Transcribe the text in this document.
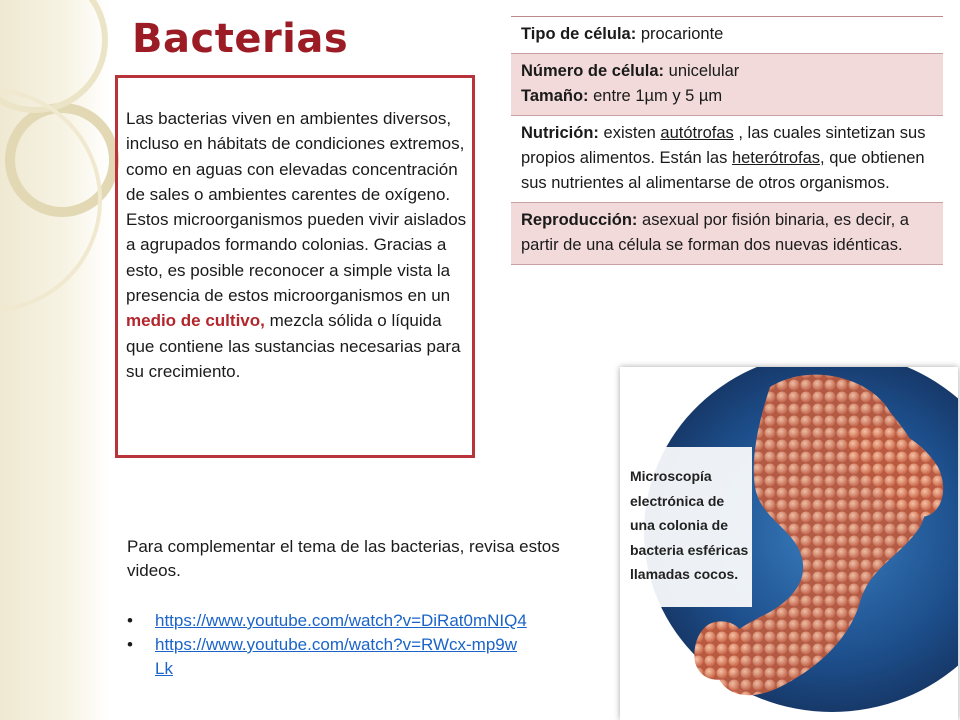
Bacterias
Las bacterias viven en ambientes diversos, incluso en hábitats de condiciones extremos, como en aguas con elevadas concentración de sales o ambientes carentes de oxígeno.
Estos microorganismos pueden vivir aislados a agrupados formando colonias. Gracias a esto, es posible reconocer a simple vista la presencia de estos microorganismos en un medio de cultivo, mezcla sólida o líquida que contiene las sustancias necesarias para su crecimiento.
Tipo de célula: procarionte
Número de célula: unicelular
Tamaño: entre 1µm y 5 µm
Nutrición: existen autótrofas , las cuales sintetizan sus propios alimentos. Están las heterótrofas, que obtienen sus nutrientes al alimentarse de otros organismos.
Reproducción: asexual por fisión binaria, es decir, a partir de una célula se forman dos nuevas idénticas.
Microscopía
electrónica de
una colonia de
bacteria esféricas
llamadas cocos.
Para complementar el tema de las bacterias, revisa estos videos.
• https://www.youtube.com/watch?v=DiRat0mNIQ4
• https://www.youtube.com/watch?v=RWcx-mp9wLk
